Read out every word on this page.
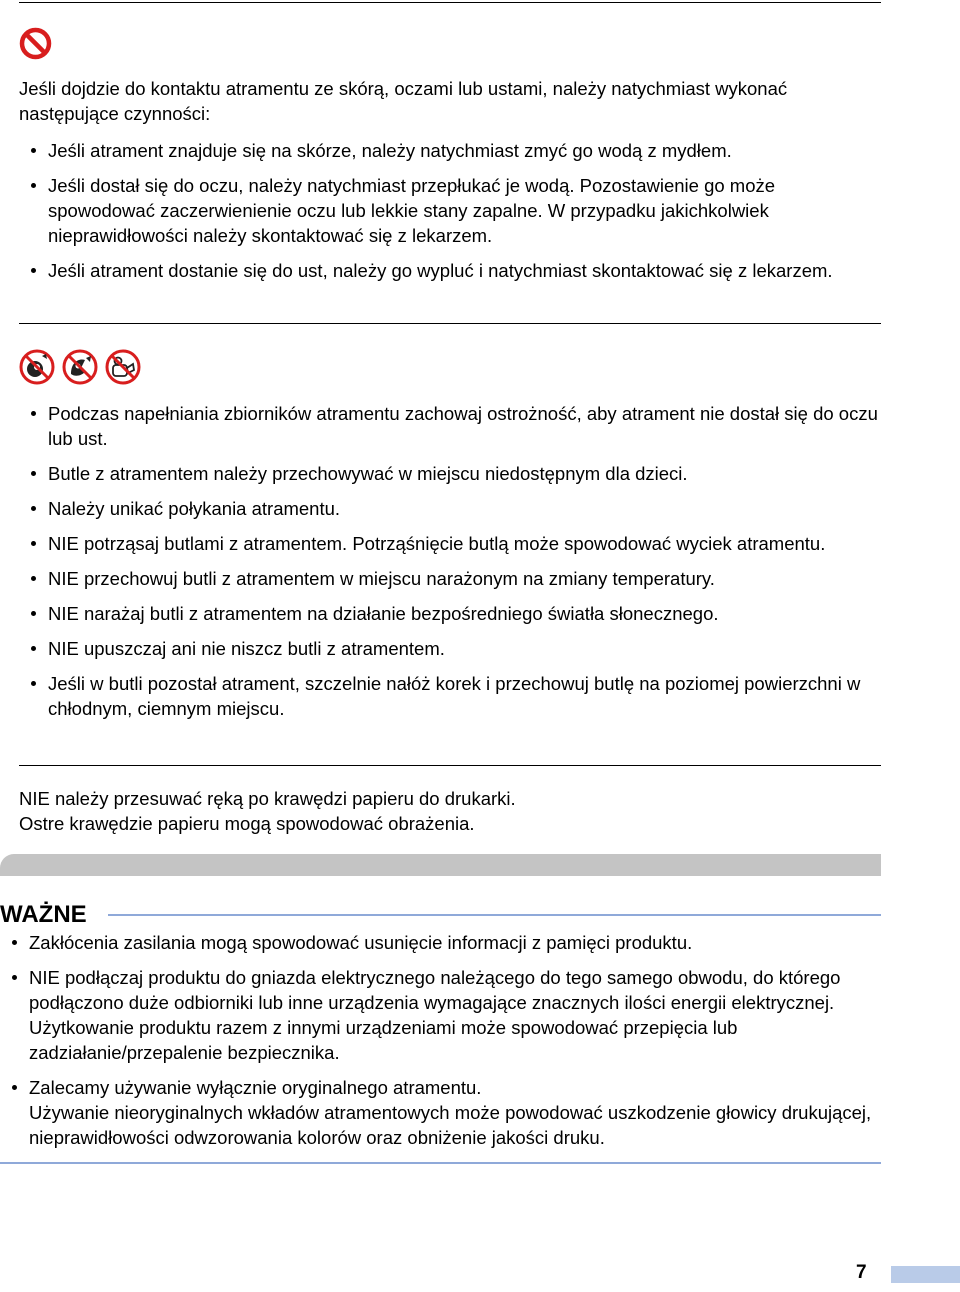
Jeśli dojdzie do kontaktu atramentu ze skórą, oczami lub ustami, należy natychmiast wykonać następujące czynności:

Jeśli atrament znajduje się na skórze, należy natychmiast zmyć go wodą z mydłem.
Jeśli dostał się do oczu, należy natychmiast przepłukać je wodą. Pozostawienie go może spowodować zaczerwienienie oczu lub lekkie stany zapalne. W przypadku jakichkolwiek nieprawidłowości należy skontaktować się z lekarzem.
Jeśli atrament dostanie się do ust, należy go wypluć i natychmiast skontaktować się z lekarzem.
Podczas napełniania zbiorników atramentu zachowaj ostrożność, aby atrament nie dostał się do oczu lub ust.
Butle z atramentem należy przechowywać w miejscu niedostępnym dla dzieci.
Należy unikać połykania atramentu.
NIE potrząsaj butlami z atramentem. Potrząśnięcie butlą może spowodować wyciek atramentu.
NIE przechowuj butli z atramentem w miejscu narażonym na zmiany temperatury.
NIE narażaj butli z atramentem na działanie bezpośredniego światła słonecznego.
NIE upuszczaj ani nie niszcz butli z atramentem.
Jeśli w butli pozostał atrament, szczelnie nałóż korek i przechowuj butlę na poziomej powierzchni w chłodnym, ciemnym miejscu.

NIE należy przesuwać ręką po krawędzi papieru do drukarki.

Ostre krawędzie papieru mogą spowodować obrażenia.

WAŻNE
Zakłócenia zasilania mogą spowodować usunięcie informacji z pamięci produktu.
NIE podłączaj produktu do gniazda elektrycznego należącego do tego samego obwodu, do którego podłączono duże odbiorniki lub inne urządzenia wymagające znacznych ilości energii elektrycznej. Użytkowanie produktu razem z innymi urządzeniami może spowodować przepięcia lub zadziałanie/przepalenie bezpiecznika.
Zalecamy używanie wyłącznie oryginalnego atramentu.
Używanie nieoryginalnych wkładów atramentowych może powodować uszkodzenie głowicy drukującej, nieprawidłowości odwzorowania kolorów oraz obniżenie jakości druku.
7
